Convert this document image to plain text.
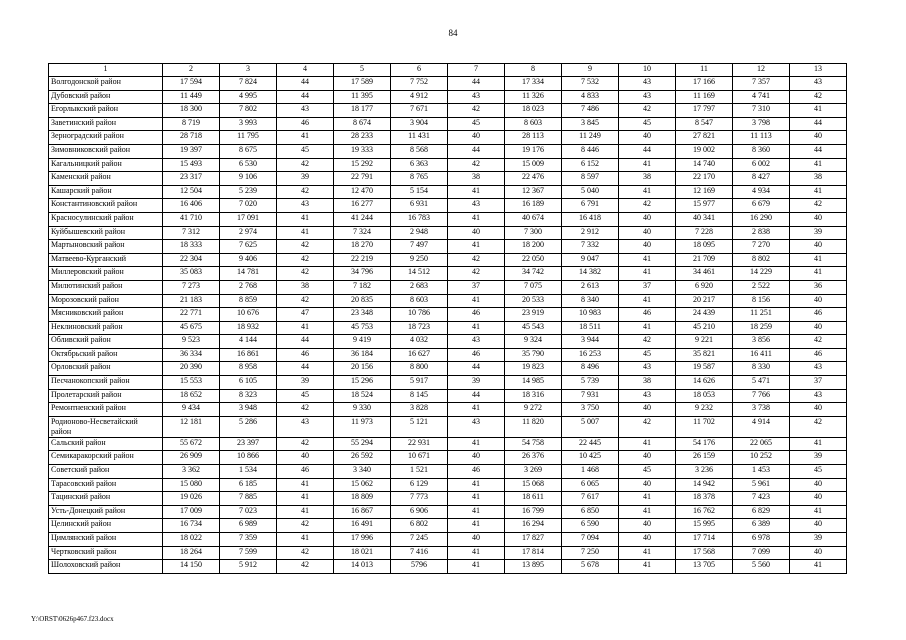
84
1	2	3	4	5	6	7	8	9	10	11	12	13
Волгодонской район	17 594	7 824	44	17 589	7 752	44	17 334	7 532	43	17 166	7 357	43
Дубовский район	11 449	4 995	44	11 395	4 912	43	11 326	4 833	43	11 169	4 741	42
Егорлыкский район	18 300	7 802	43	18 177	7 671	42	18 023	7 486	42	17 797	7 310	41
Заветинский район	8 719	3 993	46	8 674	3 904	45	8 603	3 845	45	8 547	3 798	44
Зерноградский район	28 718	11 795	41	28 233	11 431	40	28 113	11 249	40	27 821	11 113	40
Зимовниковский район	19 397	8 675	45	19 333	8 568	44	19 176	8 446	44	19 002	8 360	44
Кагальницкий район	15 493	6 530	42	15 292	6 363	42	15 009	6 152	41	14 740	6 002	41
Каменский район	23 317	9 106	39	22 791	8 765	38	22 476	8 597	38	22 170	8 427	38
Кашарский район	12 504	5 239	42	12 470	5 154	41	12 367	5 040	41	12 169	4 934	41
Константиновский район	16 406	7 020	43	16 277	6 931	43	16 189	6 791	42	15 977	6 679	42
Красносулинский район	41 710	17 091	41	41 244	16 783	41	40 674	16 418	40	40 341	16 290	40
Куйбышевский район	7 312	2 974	41	7 324	2 948	40	7 300	2 912	40	7 228	2 838	39
Мартыновский район	18 333	7 625	42	18 270	7 497	41	18 200	7 332	40	18 095	7 270	40
Матвеево-Курганский	22 304	9 406	42	22 219	9 250	42	22 050	9 047	41	21 709	8 802	41
Миллеровский район	35 083	14 781	42	34 796	14 512	42	34 742	14 382	41	34 461	14 229	41
Милютинский район	7 273	2 768	38	7 182	2 683	37	7 075	2 613	37	6 920	2 522	36
Морозовский район	21 183	8 859	42	20 835	8 603	41	20 533	8 340	41	20 217	8 156	40
Мясниковский район	22 771	10 676	47	23 348	10 786	46	23 919	10 983	46	24 439	11 251	46
Неклиновский район	45 675	18 932	41	45 753	18 723	41	45 543	18 511	41	45 210	18 259	40
Обливский район	9 523	4 144	44	9 419	4 032	43	9 324	3 944	42	9 221	3 856	42
Октябрьский район	36 334	16 861	46	36 184	16 627	46	35 790	16 253	45	35 821	16 411	46
Орловский район	20 390	8 958	44	20 156	8 800	44	19 823	8 496	43	19 587	8 330	43
Песчанокопский район	15 553	6 105	39	15 296	5 917	39	14 985	5 739	38	14 626	5 471	37
Пролетарский район	18 652	8 323	45	18 524	8 145	44	18 316	7 931	43	18 053	7 766	43
Ремонтненский район	9 434	3 948	42	9 330	3 828	41	9 272	3 750	40	9 232	3 738	40
Родионово-Несветайский район	12 181	5 286	43	11 973	5 121	43	11 820	5 007	42	11 702	4 914	42
Сальский район	55 672	23 397	42	55 294	22 931	41	54 758	22 445	41	54 176	22 065	41
Семикаракорский район	26 909	10 866	40	26 592	10 671	40	26 376	10 425	40	26 159	10 252	39
Советский район	3 362	1 534	46	3 340	1 521	46	3 269	1 468	45	3 236	1 453	45
Тарасовский район	15 080	6 185	41	15 062	6 129	41	15 068	6 065	40	14 942	5 961	40
Тацинский район	19 026	7 885	41	18 809	7 773	41	18 611	7 617	41	18 378	7 423	40
Усть-Донецкий район	17 009	7 023	41	16 867	6 906	41	16 799	6 850	41	16 762	6 829	41
Целинский район	16 734	6 989	42	16 491	6 802	41	16 294	6 590	40	15 995	6 389	40
Цимлянский район	18 022	7 359	41	17 996	7 245	40	17 827	7 094	40	17 714	6 978	39
Чертковский район	18 264	7 599	42	18 021	7 416	41	17 814	7 250	41	17 568	7 099	40
Шолоховский район	14 150	5 912	42	14 013	5796	41	13 895	5 678	41	13 705	5 560	41
Y:\ORST\0626p467.f23.docx
